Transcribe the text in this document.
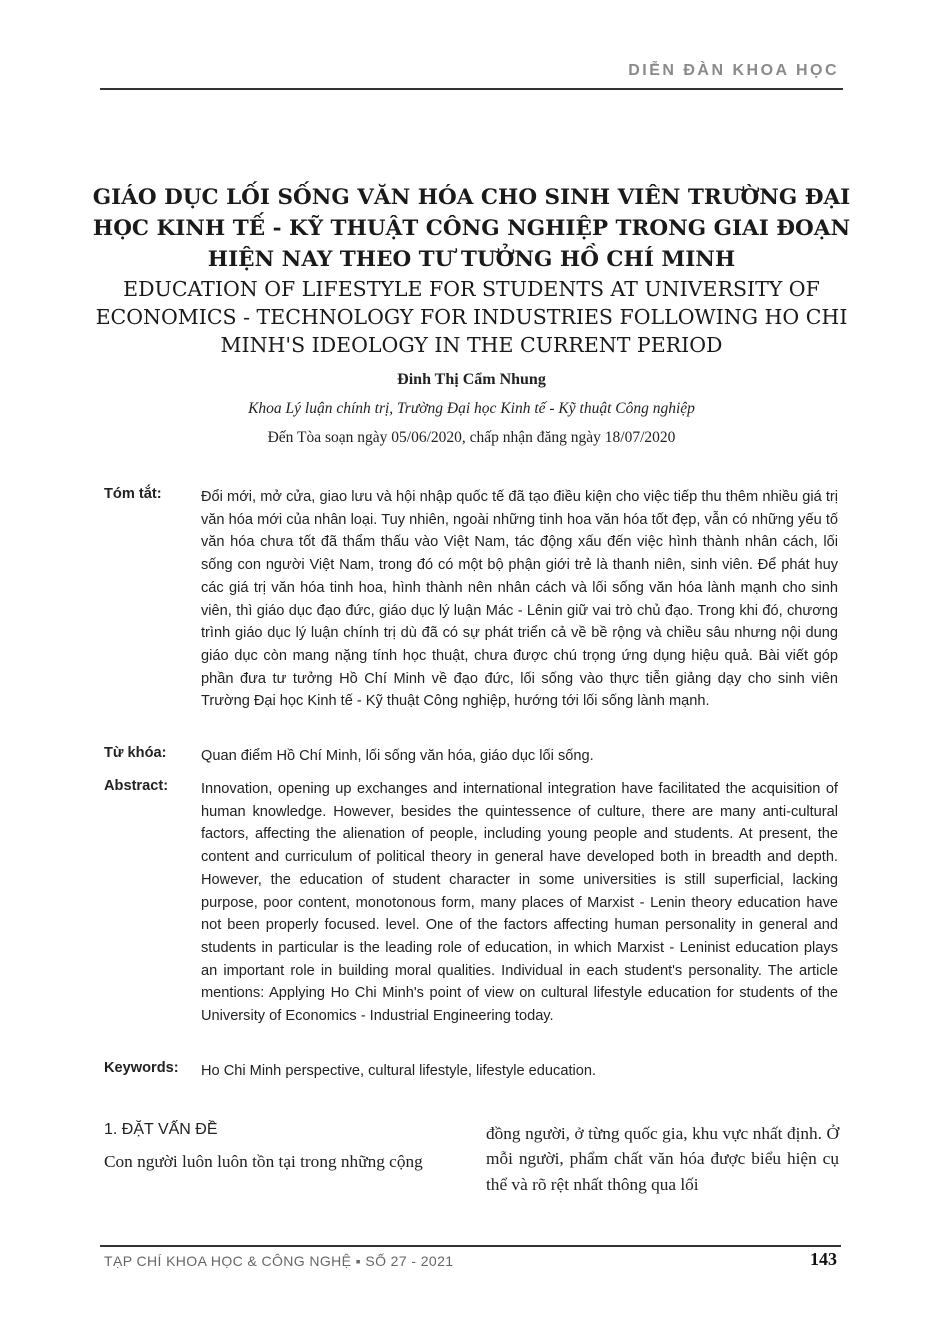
DIỄN ĐÀN KHOA HỌC
GIÁO DỤC LỐI SỐNG VĂN HÓA CHO SINH VIÊN TRƯỜNG ĐẠI HỌC KINH TẾ - KỸ THUẬT CÔNG NGHIỆP TRONG GIAI ĐOẠN HIỆN NAY THEO TƯ TƯỞNG HỒ CHÍ MINH
EDUCATION OF LIFESTYLE FOR STUDENTS AT UNIVERSITY OF ECONOMICS - TECHNOLOGY FOR INDUSTRIES FOLLOWING HO CHI MINH'S IDEOLOGY IN THE CURRENT PERIOD
Đinh Thị Cẩm Nhung
Khoa Lý luận chính trị, Trường Đại học Kinh tế - Kỹ thuật Công nghiệp
Đến Tòa soạn ngày 05/06/2020, chấp nhận đăng ngày 18/07/2020
Tóm tắt:	Đổi mới, mở cửa, giao lưu và hội nhập quốc tế đã tạo điều kiện cho việc tiếp thu thêm nhiều giá trị văn hóa mới của nhân loại. Tuy nhiên, ngoài những tinh hoa văn hóa tốt đẹp, vẫn có những yếu tố văn hóa chưa tốt đã thẩm thấu vào Việt Nam, tác động xấu đến việc hình thành nhân cách, lối sống con người Việt Nam, trong đó có một bộ phận giới trẻ là thanh niên, sinh viên. Để phát huy các giá trị văn hóa tinh hoa, hình thành nên nhân cách và lối sống văn hóa lành mạnh cho sinh viên, thì giáo dục đạo đức, giáo dục lý luận Mác - Lênin giữ vai trò chủ đạo. Trong khi đó, chương trình giáo dục lý luận chính trị dù đã có sự phát triển cả về bề rộng và chiều sâu nhưng nội dung giáo dục còn mang nặng tính học thuật, chưa được chú trọng ứng dụng hiệu quả. Bài viết góp phần đưa tư tưởng Hồ Chí Minh về đạo đức, lối sống vào thực tiễn giảng dạy cho sinh viên Trường Đại học Kinh tế - Kỹ thuật Công nghiệp, hướng tới lối sống lành mạnh.
Từ khóa: Quan điểm Hồ Chí Minh, lối sống văn hóa, giáo dục lối sống.
Abstract: Innovation, opening up exchanges and international integration have facilitated the acquisition of human knowledge. However, besides the quintessence of culture, there are many anti-cultural factors, affecting the alienation of people, including young people and students. At present, the content and curriculum of political theory in general have developed both in breadth and depth. However, the education of student character in some universities is still superficial, lacking purpose, poor content, monotonous form, many places of Marxist - Lenin theory education have not been properly focused. level. One of the factors affecting human personality in general and students in particular is the leading role of education, in which Marxist - Leninist education plays an important role in building moral qualities. Individual in each student's personality. The article mentions: Applying Ho Chi Minh's point of view on cultural lifestyle education for students of the University of Economics - Industrial Engineering today.
Keywords: Ho Chi Minh perspective, cultural lifestyle, lifestyle education.
1. ĐẶT VẤN ĐỀ
Con người luôn luôn tồn tại trong những cộng
đồng người, ở từng quốc gia, khu vực nhất định. Ở mỗi người, phẩm chất văn hóa được biểu hiện cụ thể và rõ rệt nhất thông qua lối
TẠP CHÍ KHOA HỌC & CÔNG NGHỆ ▪ SỐ 27 - 2021	143
